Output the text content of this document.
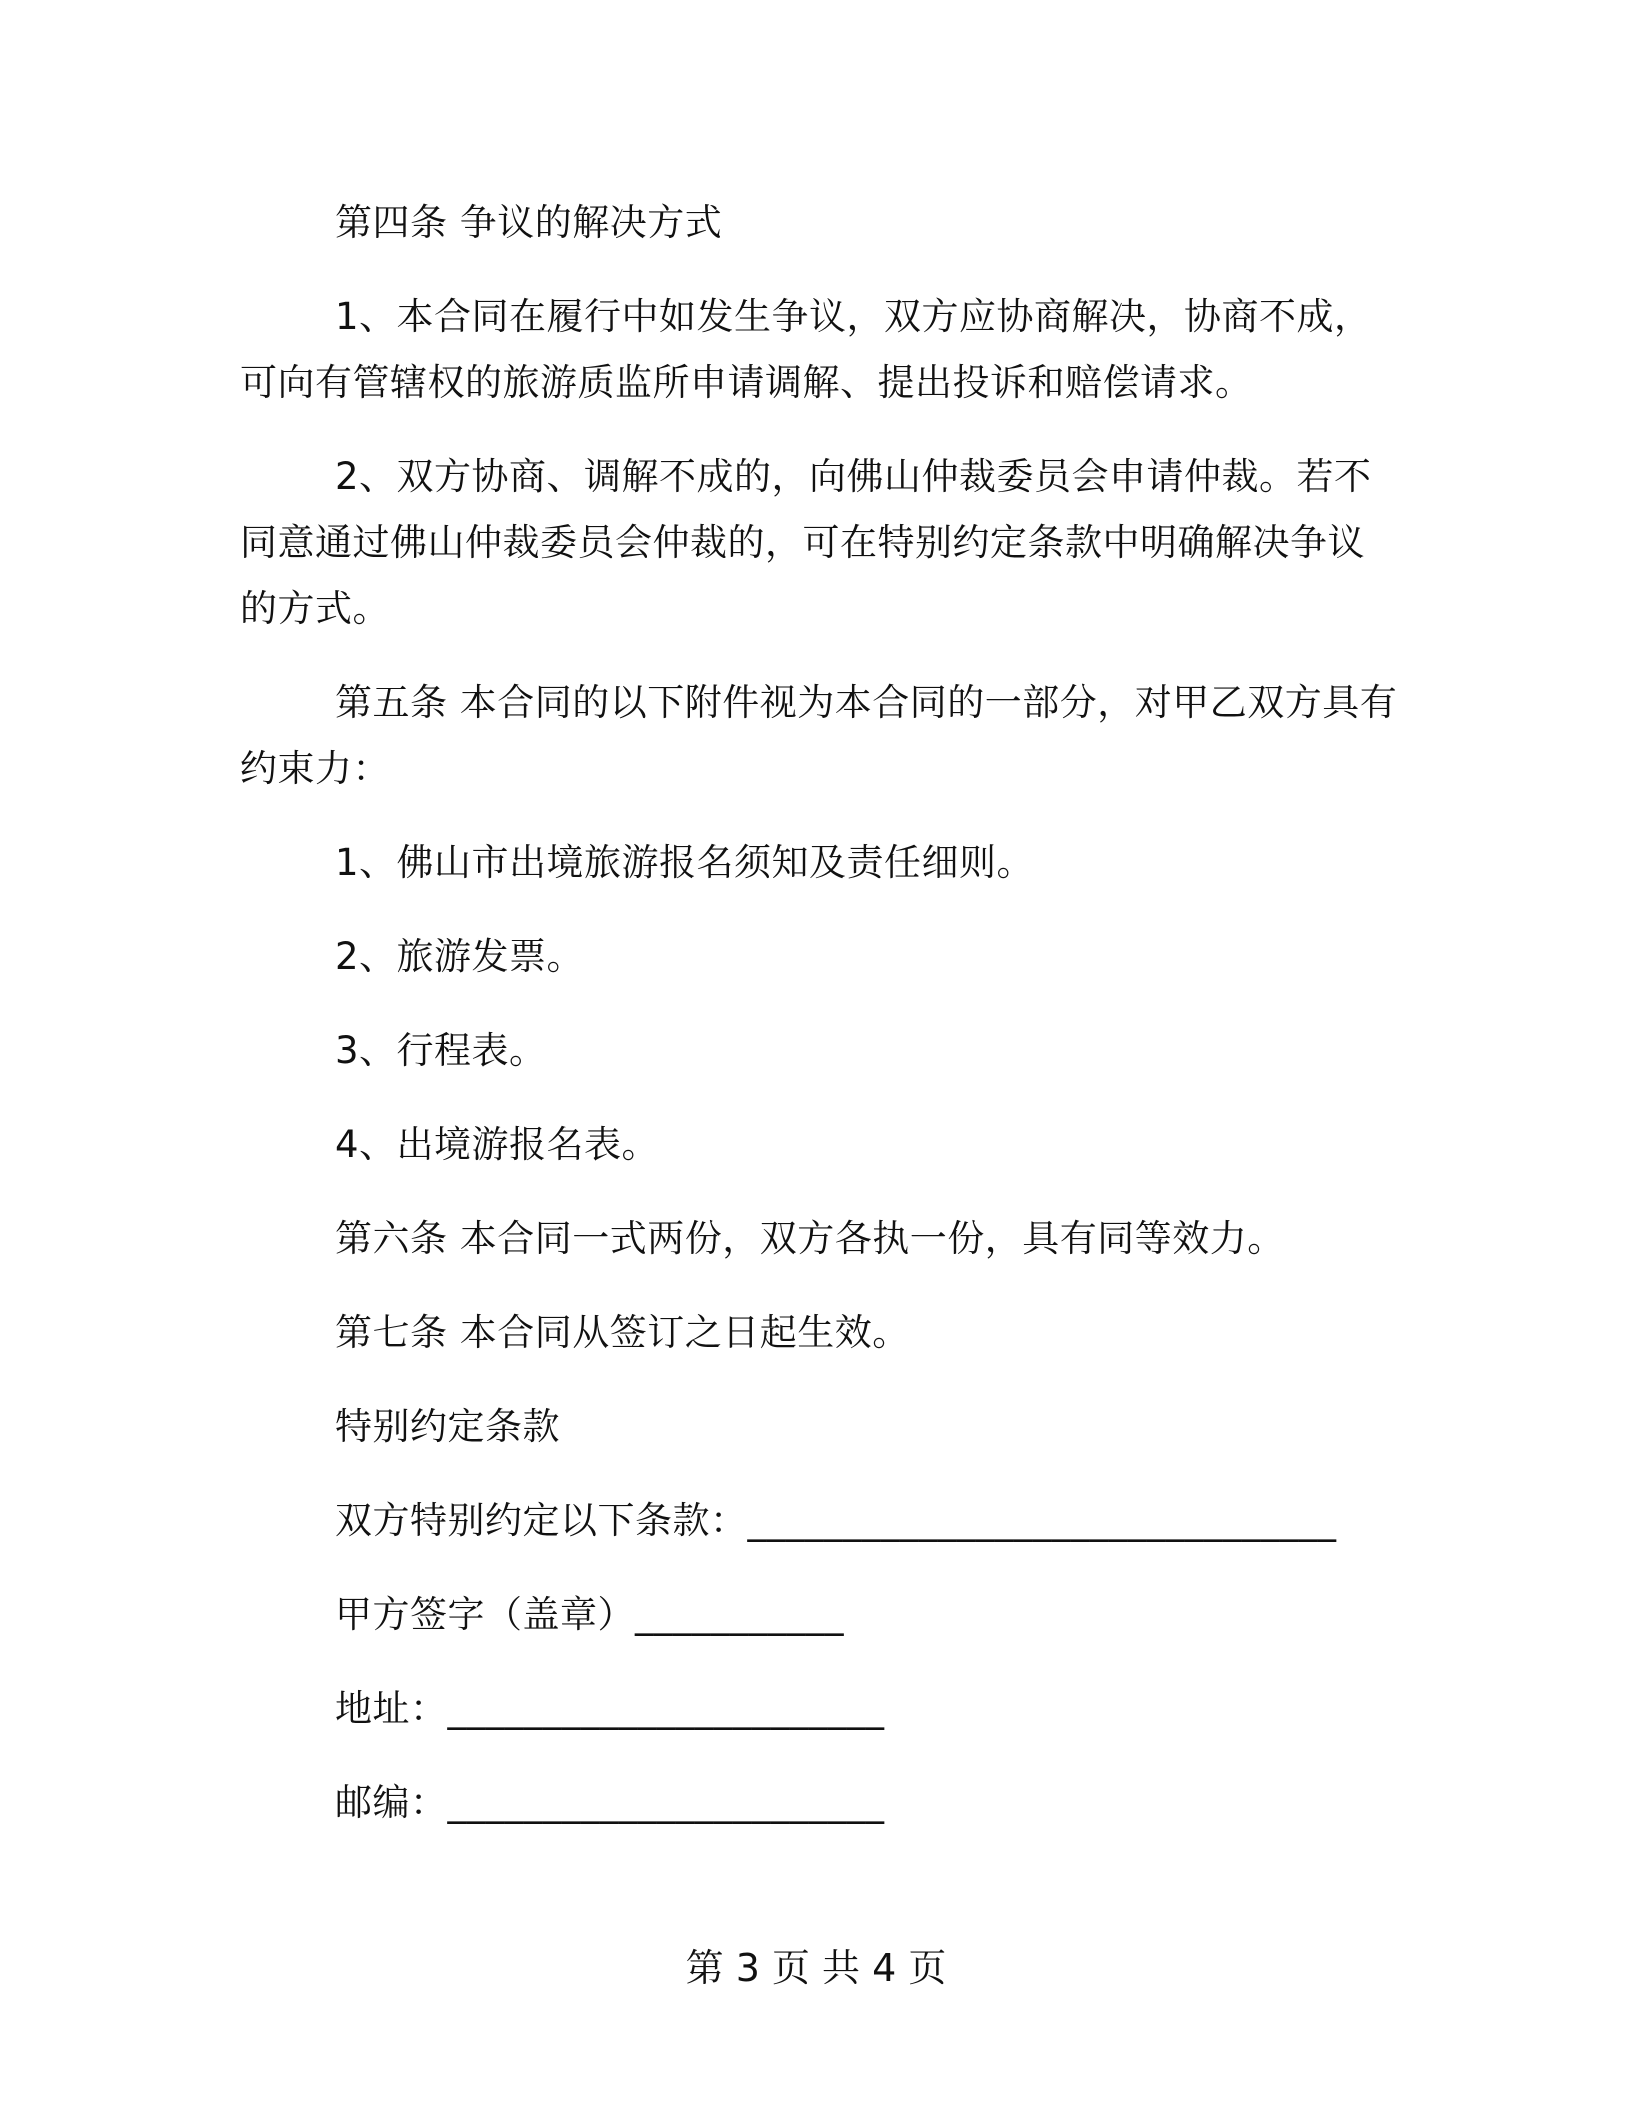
第四条 争议的解决方式
1、本合同在履行中如发生争议，双方应协商解决，协商不成，
可向有管辖权的旅游质监所申请调解、提出投诉和赔偿请求。
2、双方协商、调解不成的，向佛山仲裁委员会申请仲裁。若不
同意通过佛山仲裁委员会仲裁的，可在特别约定条款中明确解决争议
的方式。
第五条 本合同的以下附件视为本合同的一部分，对甲乙双方具有
约束力：
1、佛山市出境旅游报名须知及责任细则。
2、旅游发票。
3、行程表。
4、出境游报名表。
第六条 本合同一式两份，双方各执一份，具有同等效力。
第七条 本合同从签订之日起生效。
特别约定条款
双方特别约定以下条款：_______________________________
甲方签字（盖章）___________
地址：_______________________
邮编：_______________________
第 3 页 共 4 页
